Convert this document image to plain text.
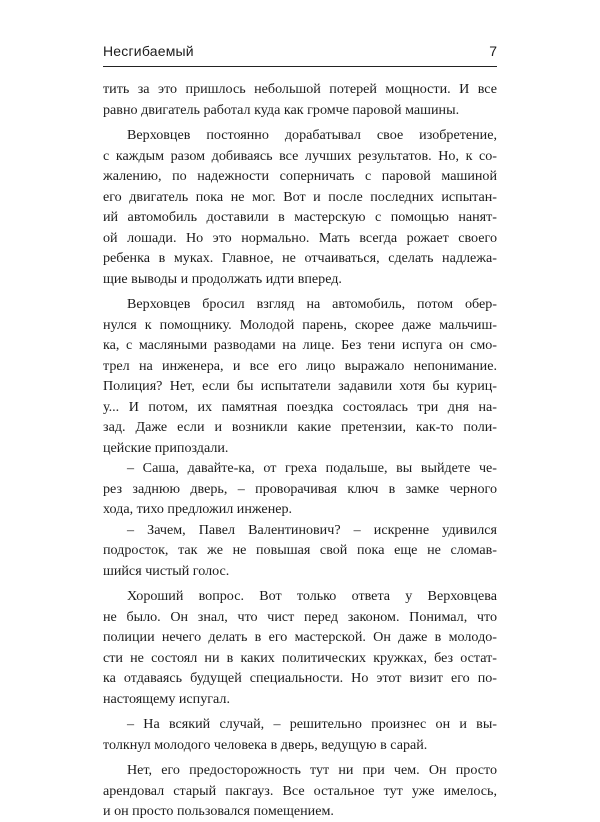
Несгибаемый	7

тить за это пришлось небольшой потерей мощности. И все
равно двигатель работал куда как громче паровой машины.

Верховцев постоянно дорабатывал свое изобретение,
с каждым разом добиваясь все лучших результатов. Но, к со-
жалению, по надежности соперничать с паровой машиной
его двигатель пока не мог. Вот и после последних испытан-
ий автомобиль доставили в мастерскую с помощью нанят-
ой лошади. Но это нормально. Мать всегда рожает своего
ребенка в муках. Главное, не отчаиваться, сделать надлежа-
щие выводы и продолжать идти вперед.

Верховцев бросил взгляд на автомобиль, потом обер-
нулся к помощнику. Молодой парень, скорее даже мальчиш-
ка, с масляными разводами на лице. Без тени испуга он смо-
трел на инженера, и все его лицо выражало непонимание.
Полиция? Нет, если бы испытатели задавили хотя бы куриц-
у... И потом, их памятная поездка состоялась три дня на-
зад. Даже если и возникли какие претензии, как-то поли-
цейские припоздали.

– Саша, давайте-ка, от греха подальше, вы выйдете че-
рез заднюю дверь, – проворачивая ключ в замке черного
хода, тихо предложил инженер.

– Зачем, Павел Валентинович? – искренне удивился
подросток, так же не повышая свой пока еще не сломав-
шийся чистый голос.

Хороший вопрос. Вот только ответа у Верховцева
не было. Он знал, что чист перед законом. Понимал, что
полиции нечего делать в его мастерской. Он даже в молодо-
сти не состоял ни в каких политических кружках, без остат-
ка отдаваясь будущей специальности. Но этот визит его по-
настоящему испугал.

– На всякий случай, – решительно произнес он и вы-
толкнул молодого человека в дверь, ведущую в сарай.

Нет, его предосторожность тут ни при чем. Он просто
арендовал старый пакгауз. Все остальное тут уже имелось,
и он просто пользовался помещением.
